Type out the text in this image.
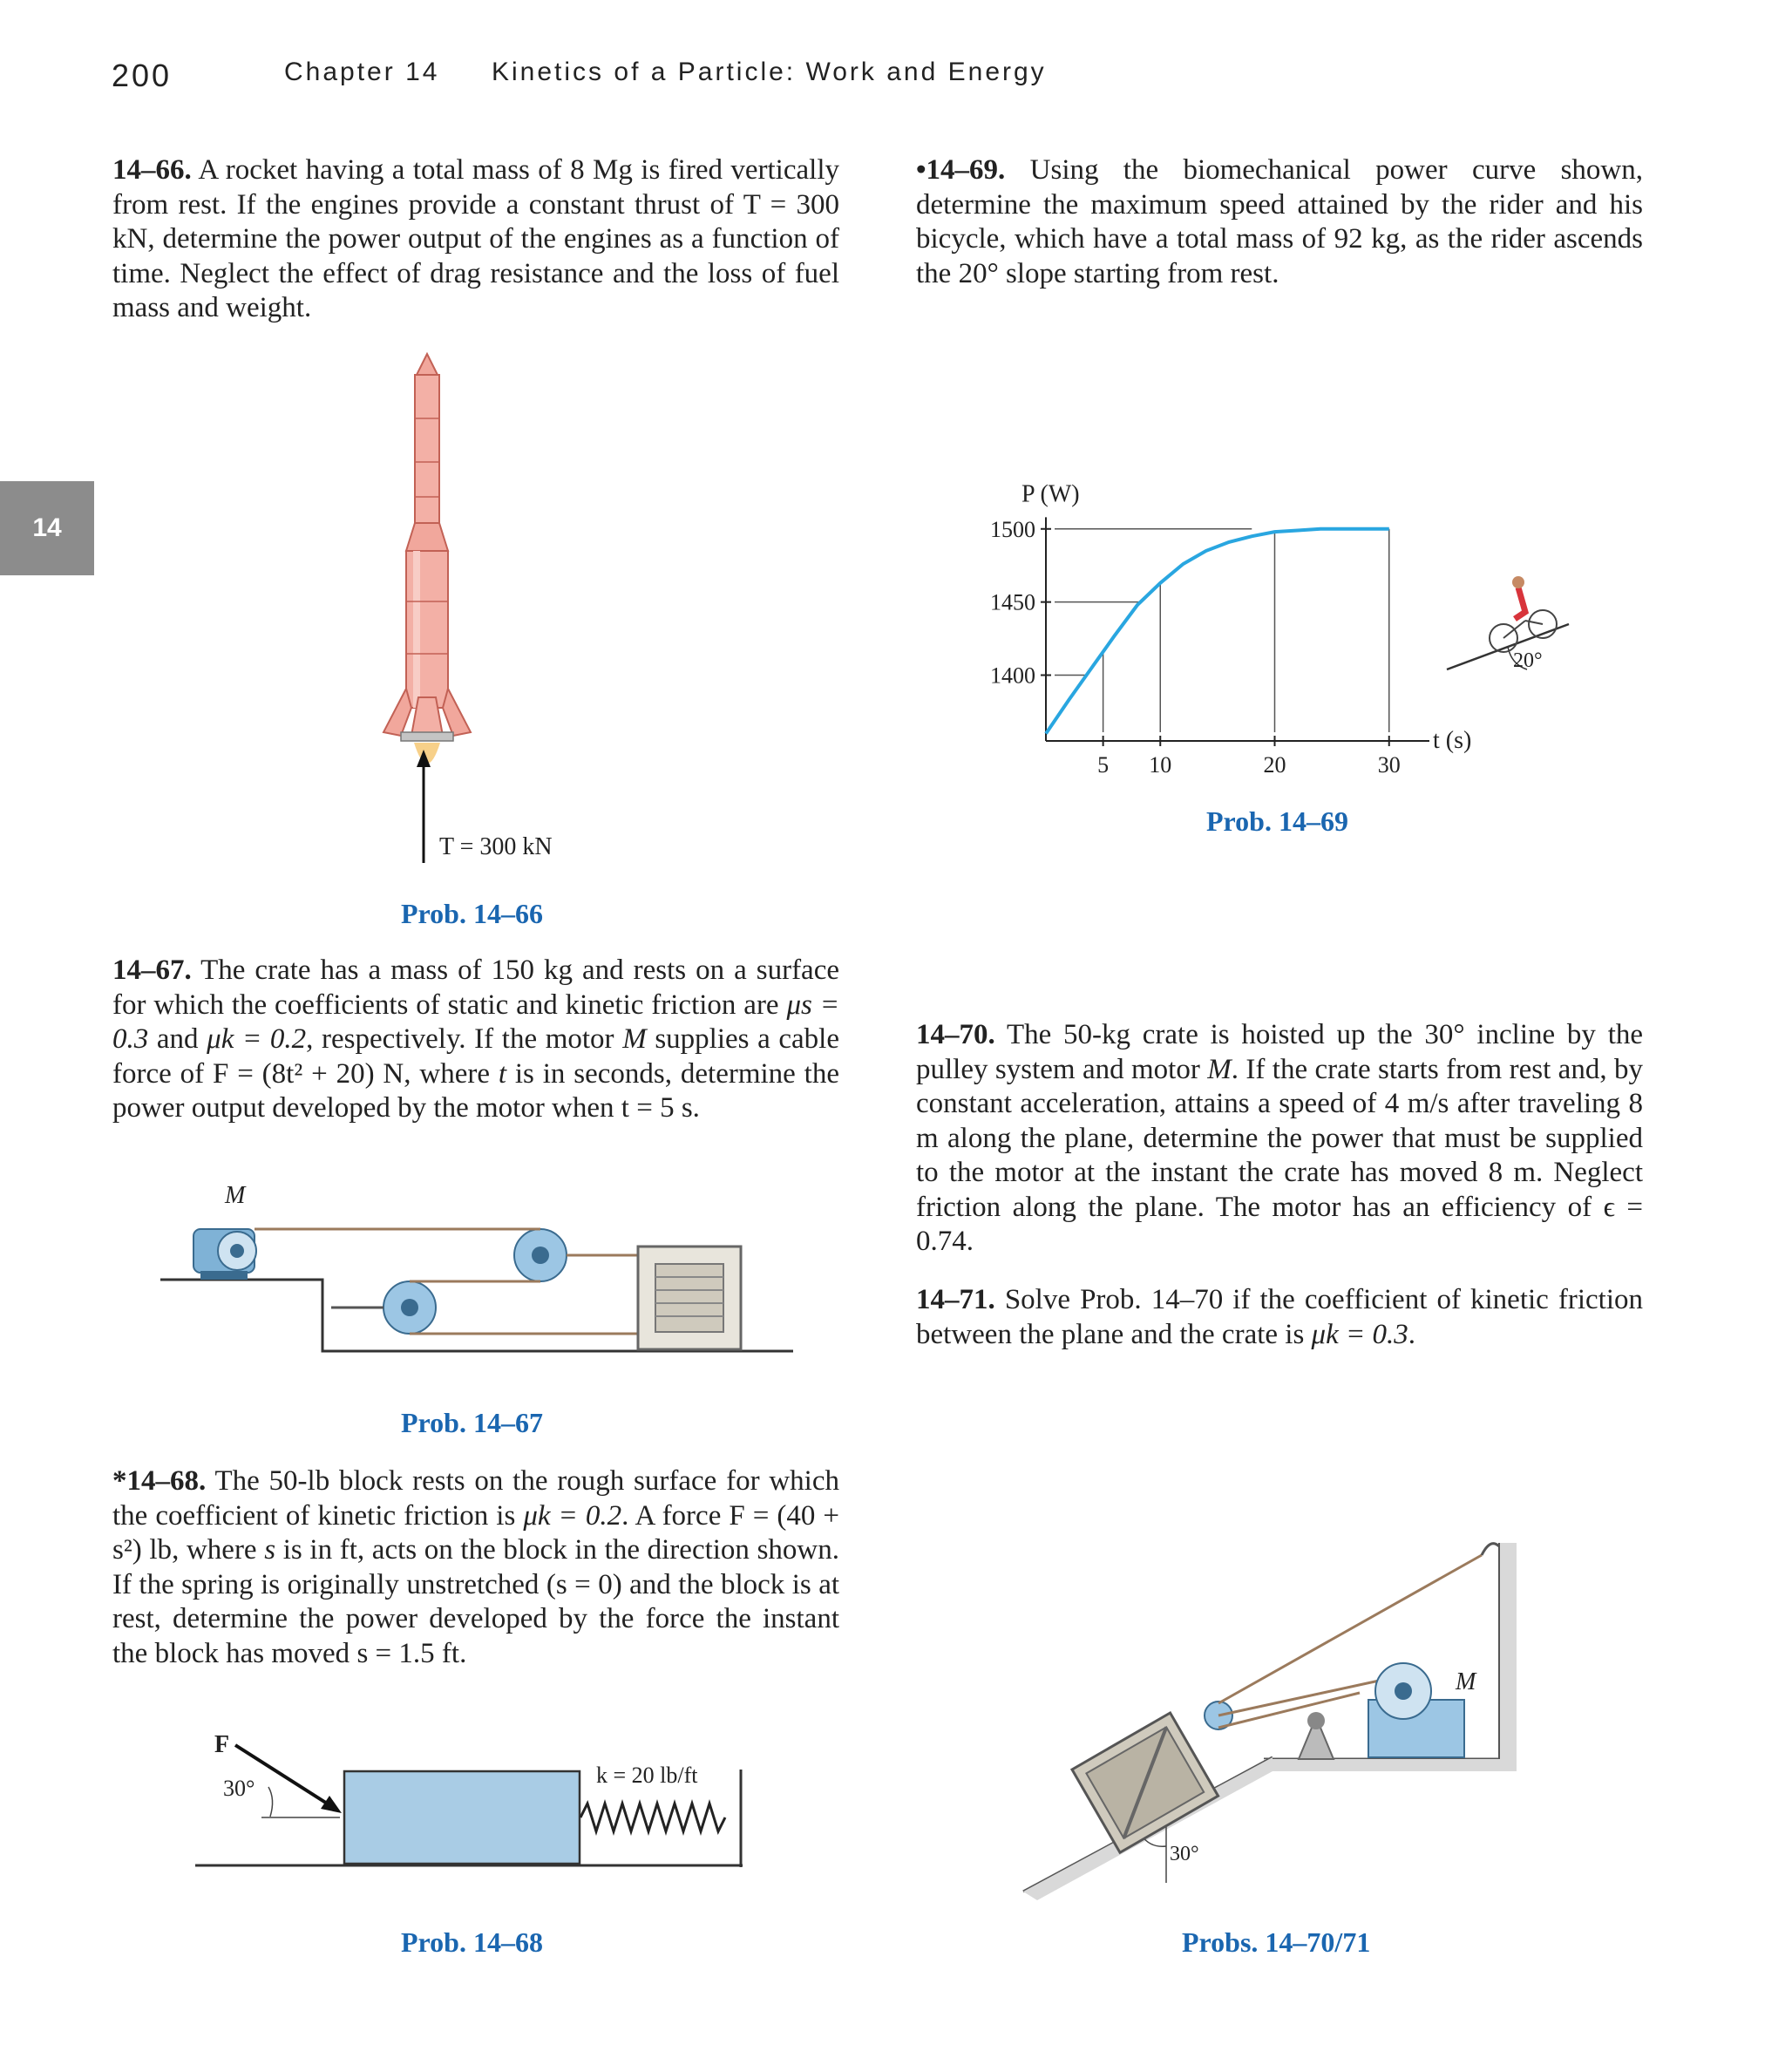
200	Chapter 14 Kinetics of a Particle: Work and Energy
14
14–66. A rocket having a total mass of 8 Mg is fired vertically from rest. If the engines provide a constant thrust of T = 300 kN, determine the power output of the engines as a function of time. Neglect the effect of drag resistance and the loss of fuel mass and weight.
T = 300 kN
Prob. 14–66
14–67. The crate has a mass of 150 kg and rests on a surface for which the coefficients of static and kinetic friction are μs = 0.3 and μk = 0.2, respectively. If the motor M supplies a cable force of F = (8t² + 20) N, where t is in seconds, determine the power output developed by the motor when t = 5 s.
M
Prob. 14–67
*14–68. The 50-lb block rests on the rough surface for which the coefficient of kinetic friction is μk = 0.2. A force F = (40 + s²) lb, where s is in ft, acts on the block in the direction shown. If the spring is originally unstretched (s = 0) and the block is at rest, determine the power developed by the force the instant the block has moved s = 1.5 ft.
F
30°
k = 20 lb/ft
Prob. 14–68
•14–69. Using the biomechanical power curve shown, determine the maximum speed attained by the rider and his bicycle, which have a total mass of 92 kg, as the rider ascends the 20° slope starting from rest.
1400
1450
1500
5 10	20	30
P (W)
t (s)
20°
Prob. 14–69
14–70. The 50-kg crate is hoisted up the 30° incline by the pulley system and motor M. If the crate starts from rest and, by constant acceleration, attains a speed of 4 m/s after traveling 8 m along the plane, determine the power that must be supplied to the motor at the instant the crate has moved 8 m. Neglect friction along the plane. The motor has an efficiency of ϵ = 0.74.
14–71. Solve Prob. 14–70 if the coefficient of kinetic friction between the plane and the crate is μk = 0.3.
30°
M
Probs. 14–70/71
